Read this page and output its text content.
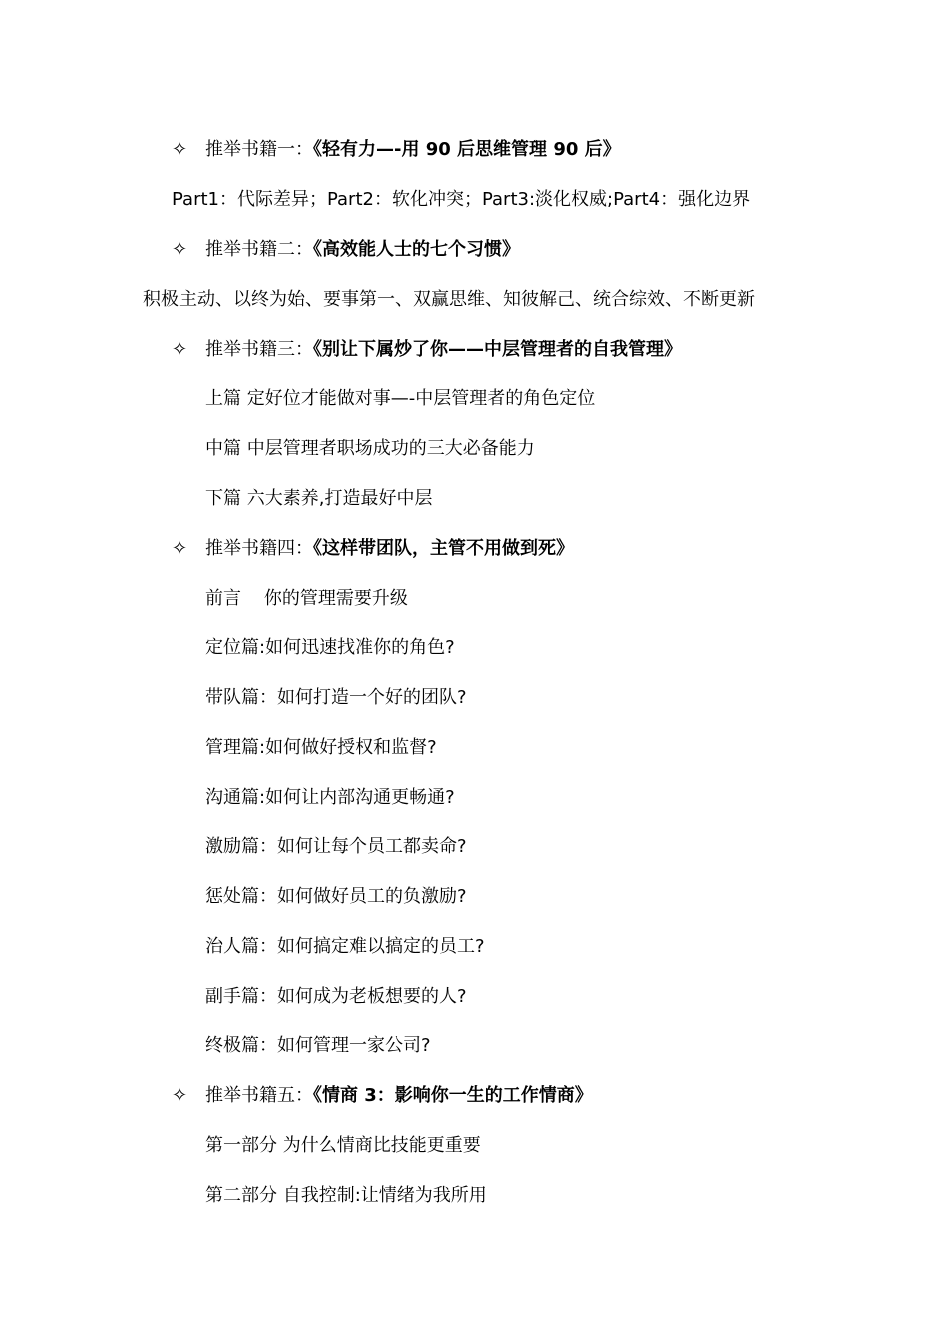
✧ 推举书籍一：《轻有力—-用 90 后思维管理 90 后》
Part1：代际差异；Part2：软化冲突；Part3:淡化权威;Part4：强化边界
✧ 推举书籍二：《高效能人士的七个习惯》
积极主动、以终为始、要事第一、双赢思维、知彼解己、统合综效、不断更新
✧ 推举书籍三：《别让下属炒了你——中层管理者的自我管理》
上篇 定好位才能做对事—-中层管理者的角色定位
中篇 中层管理者职场成功的三大必备能力
下篇 六大素养,打造最好中层
✧ 推举书籍四：《这样带团队，主管不用做到死》
前言    你的管理需要升级
定位篇:如何迅速找准你的角色?
带队篇：如何打造一个好的团队?
管理篇:如何做好授权和监督?
沟通篇:如何让内部沟通更畅通?
激励篇：如何让每个员工都卖命?
惩处篇：如何做好员工的负激励?
治人篇：如何搞定难以搞定的员工?
副手篇：如何成为老板想要的人?
终极篇：如何管理一家公司?
✧ 推举书籍五：《情商 3：影响你一生的工作情商》
第一部分 为什么情商比技能更重要
第二部分 自我控制:让情绪为我所用
